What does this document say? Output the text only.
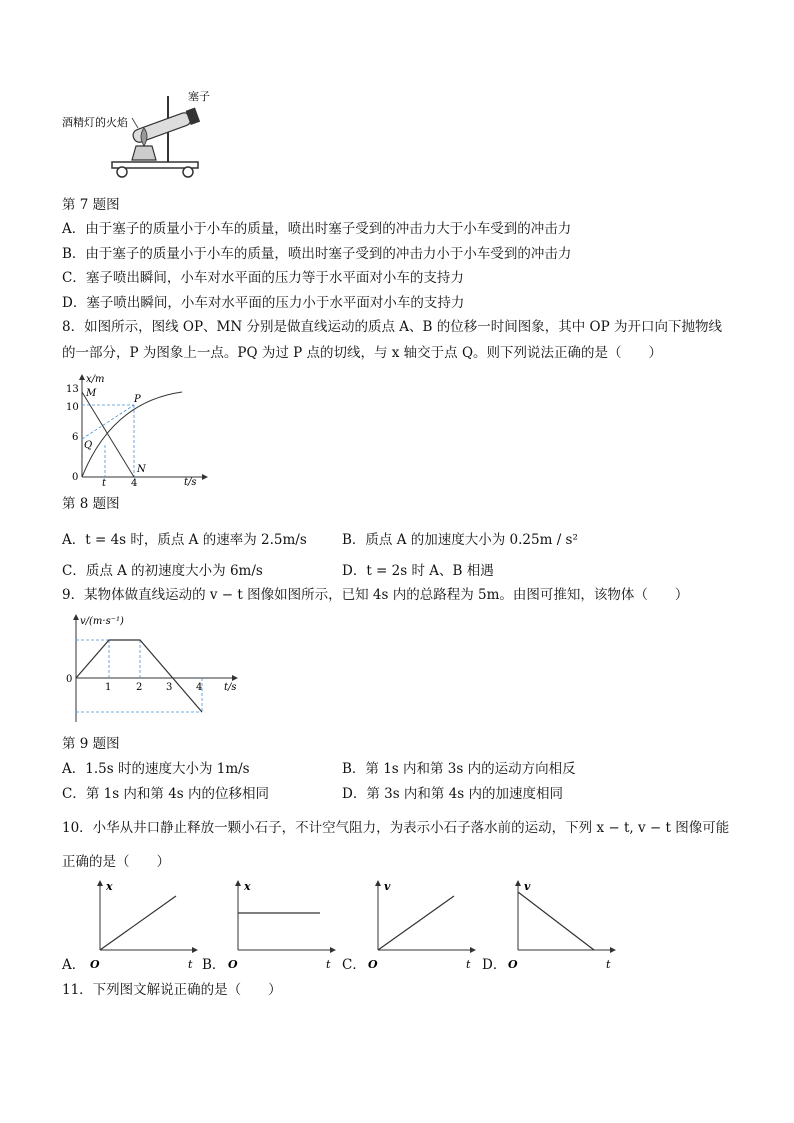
酒精灯的火焰
塞子
第 7 题图
A．由于塞子的质量小于小车的质量，喷出时塞子受到的冲击力大于小车受到的冲击力
B．由于塞子的质量小于小车的质量，喷出时塞子受到的冲击力小于小车受到的冲击力
C．塞子喷出瞬间，小车对水平面的压力等于水平面对小车的支持力
D．塞子喷出瞬间，小车对水平面的压力小于水平面对小车的支持力
8．如图所示，图线 OP、MN 分别是做直线运动的质点 A、B 的位移一时间图象，其中 OP 为开口向下抛物线
的一部分，P 为图象上一点。PQ 为过 P 点的切线，与 x 轴交于点 Q。则下列说法正确的是（　　）
x/m
t/s
13
10
6
0
t 4
M
P
Q
N
第 8 题图
A．t = 4s 时，质点 A 的速率为 2.5m/s	B．质点 A 的加速度大小为 0.25m / s²
C．质点 A 的初速度大小为 6m/s	D．t = 2s 时 A、B 相遇
9．某物体做直线运动的 v − t 图像如图所示，已知 4s 内的总路程为 5m。由图可推知，该物体（　　）
v/(m·s⁻¹)
t/s
0
1 2 3 4
第 9 题图
A．1.5s 时的速度大小为 1m/s	B．第 1s 内和第 3s 内的运动方向相反
C．第 1s 内和第 4s 内的位移相同	D．第 3s 内和第 4s 内的加速度相同
10．小华从井口静止释放一颗小石子，不计空气阻力，为表示小石子落水前的运动，下列 x − t, v − t 图像可能
正确的是（　　）
A．
x
t
O	B．
x
t
O	C．
v
t
O	D．
v
t
O
11．下列图文解说正确的是（　　）
